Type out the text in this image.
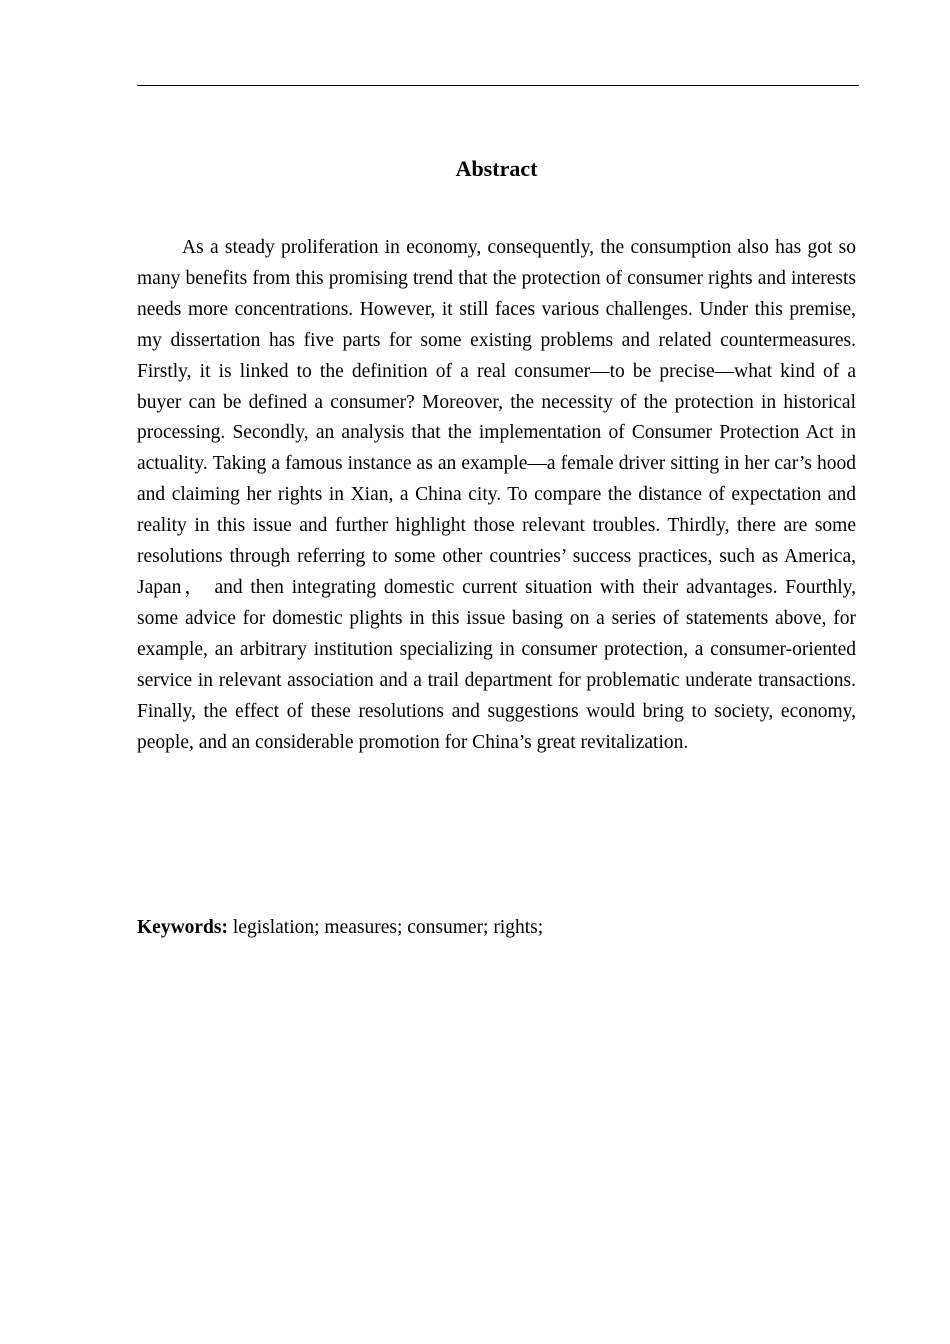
Abstract

As a steady proliferation in economy, consequently, the consumption also has got so many benefits from this promising trend that the protection of consumer rights and interests needs more concentrations. However, it still faces various challenges. Under this premise, my dissertation has five parts for some existing problems and related countermeasures. Firstly, it is linked to the definition of a real consumer—to be precise—what kind of a buyer can be defined a consumer? Moreover, the necessity of the protection in historical processing. Secondly, an analysis that the implementation of Consumer Protection Act in actuality. Taking a famous instance as an example—a female driver sitting in her car’s hood and claiming her rights in Xian, a China city. To compare the distance of expectation and reality in this issue and further highlight those relevant troubles. Thirdly, there are some resolutions through referring to some other countries’ success practices, such as America, Japan， and then integrating domestic current situation with their advantages. Fourthly, some advice for domestic plights in this issue basing on a series of statements above, for example, an arbitrary institution specializing in consumer protection, a consumer-oriented service in relevant association and a trail department for problematic underate transactions. Finally, the effect of these resolutions and suggestions would bring to society, economy, people, and an considerable promotion for China’s great revitalization.

Keywords: legislation; measures; consumer; rights;
